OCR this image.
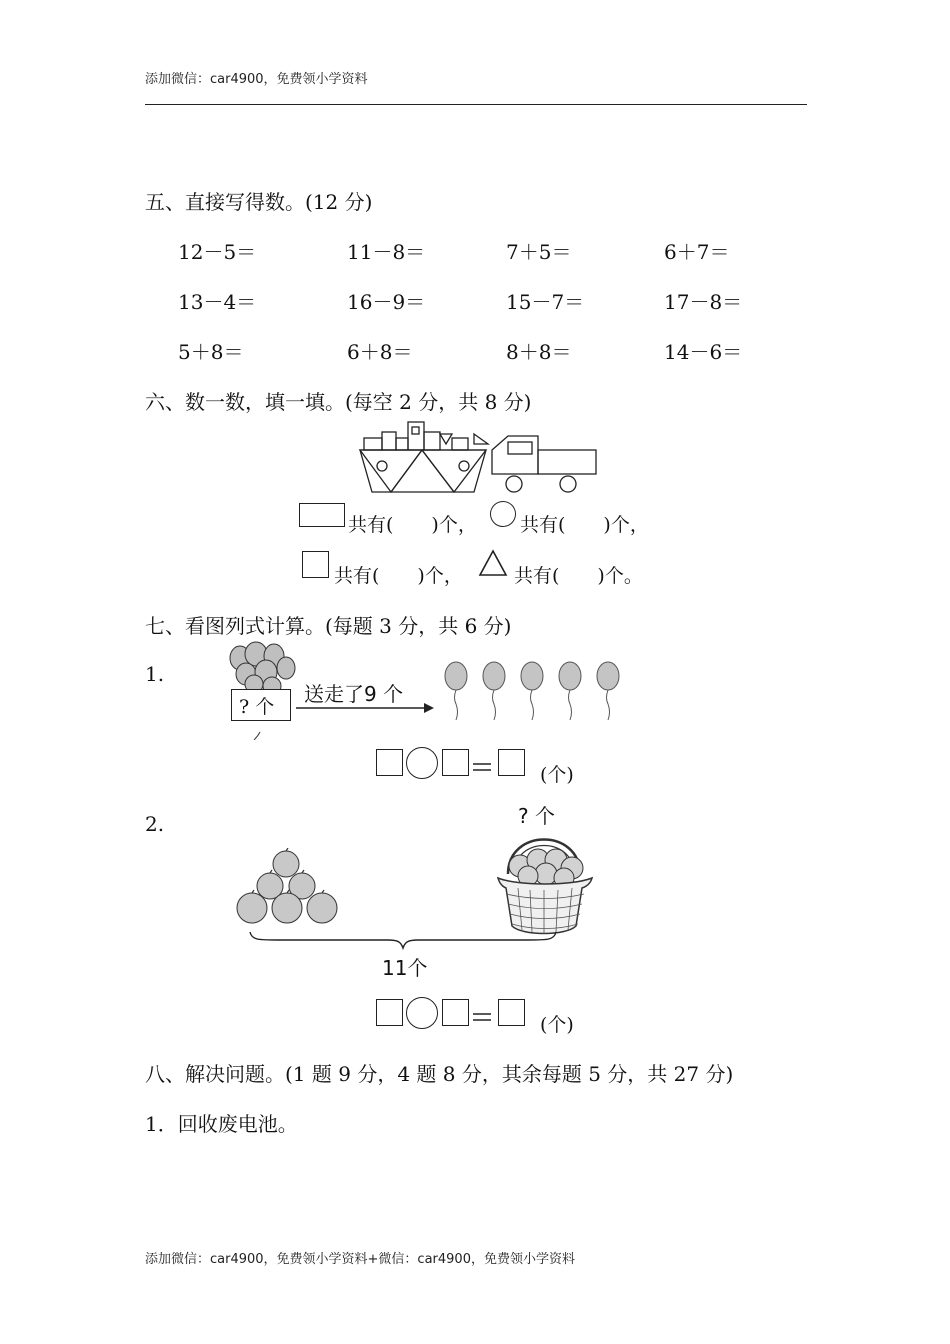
添加微信：car4900，免费领小学资料
五、直接写得数。(12 分)
12－5＝	11－8＝	7＋5＝	6＋7＝
13－4＝	16－9＝	15－7＝	17－8＝
5＋8＝	6＋8＝	8＋8＝	14－6＝
六、数一数，填一填。(每空 2 分，共 8 分)
共有(　　)个， 共有(　　)个，
共有(　　)个，	共有(　　)个。
七、看图列式计算。(每题 3 分，共 6 分)
1.
? 个
送走了9 个
(个)
2.	? 个
11个
(个)
八、解决问题。(1 题 9 分，4 题 8 分，其余每题 5 分，共 27 分)
1．回收废电池。
添加微信：car4900，免费领小学资料+微信：car4900，免费领小学资料
